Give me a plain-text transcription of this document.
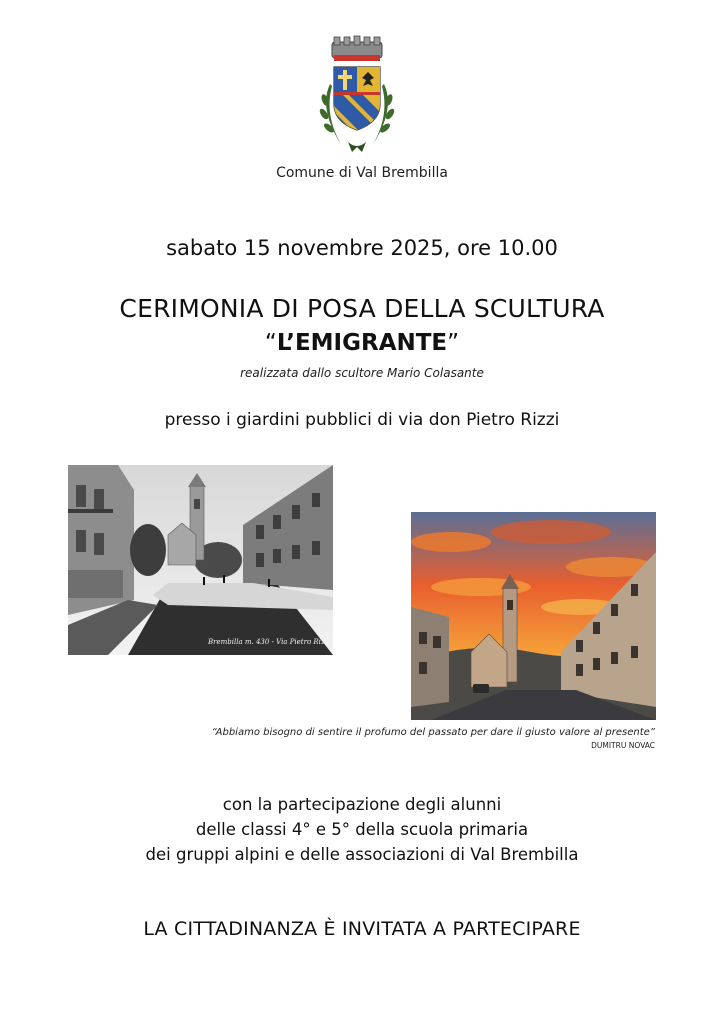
Comune di Val Brembilla
sabato 15 novembre 2025, ore 10.00
CERIMONIA DI POSA DELLA SCULTURA
“L’EMIGRANTE”
realizzata dallo scultore Mario Colasante
presso i giardini pubblici di via don Pietro Rizzi
Brembilla m. 430 - Via Pietro Rizzi
“Abbiamo bisogno di sentire il profumo del passato per dare il giusto valore al presente”
DUMITRU NOVAC
con la partecipazione degli alunni
delle classi 4° e 5° della scuola primaria
dei gruppi alpini e delle associazioni di Val Brembilla
LA CITTADINANZA È INVITATA A PARTECIPARE
